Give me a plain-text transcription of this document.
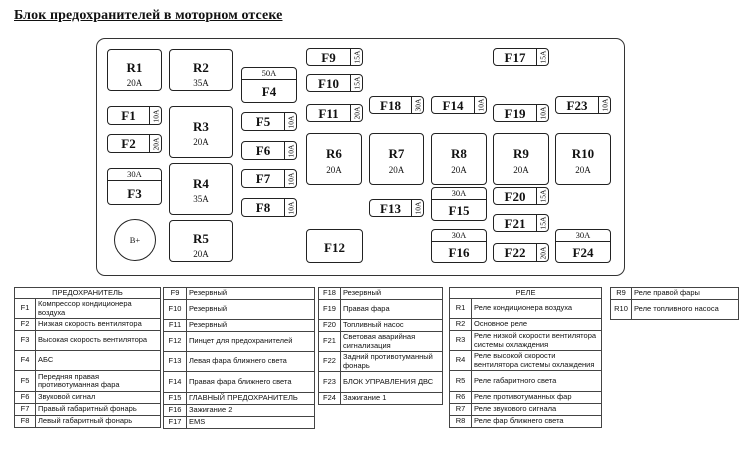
Блок предохранителей в моторном отсеке
B+
R1
20A
R2
35A
R3
20A
R4
35A
R5
20A
R6
20A
R7
20A
R8
20A
R9
20A
R10
20A
30A
F3
50A
F4
30A
F15
30A
F16
30A
F24
F12
F1	10A
F2	20A
F5	10A
F6	10A
F7	10A
F8	10A
F9	15A
F10	15A
F11	20A
F13	10A
F14	10A
F17	15A
F19	10A
F20	15A
F21	15A
F22	20A
F23	10A
F18	30A
ПРЕДОХРАНИТЕЛЬ	
F1	Компрессор кондиционера воздуха
F2	Низкая скорость вентилятора
F3	Высокая скорость вентилятора
F4	АБС
F5	Передняя правая противотуманная фара
F6	Звуковой сигнал
F7	Правый габаритный фонарь
F8	Левый габаритный фонарь
F9	Резервный
F10	Резервный
F11	Резервный
F12	Пинцет для предохранителей
F13	Левая фара ближнего света
F14	Правая фара ближнего света
F15	ГЛАВНЫЙ ПРЕДОХРАНИТЕЛЬ
F16	Зажигание 2
F17	EMS
F18	Резервный
F19	Правая фара
F20	Топливный насос
F21	Световая аварийная сигнализация
F22	Задний противотуманный фонарь
F23	БЛОК УПРАВЛЕНИЯ ДВС
F24	Зажигание 1
РЕЛЕ	
R1	Реле кондиционера воздуха
R2	Основное реле
R3	Реле низкой скорости вентилятора системы охлаждения
R4	Реле высокой скорости вентилятора системы охлаждения
R5	Реле габаритного света
R6	Реле противотуманных фар
R7	Реле звукового сигнала
R8	Реле фар ближнего света
R9	Реле правой фары
R10	Реле топливного насоса
